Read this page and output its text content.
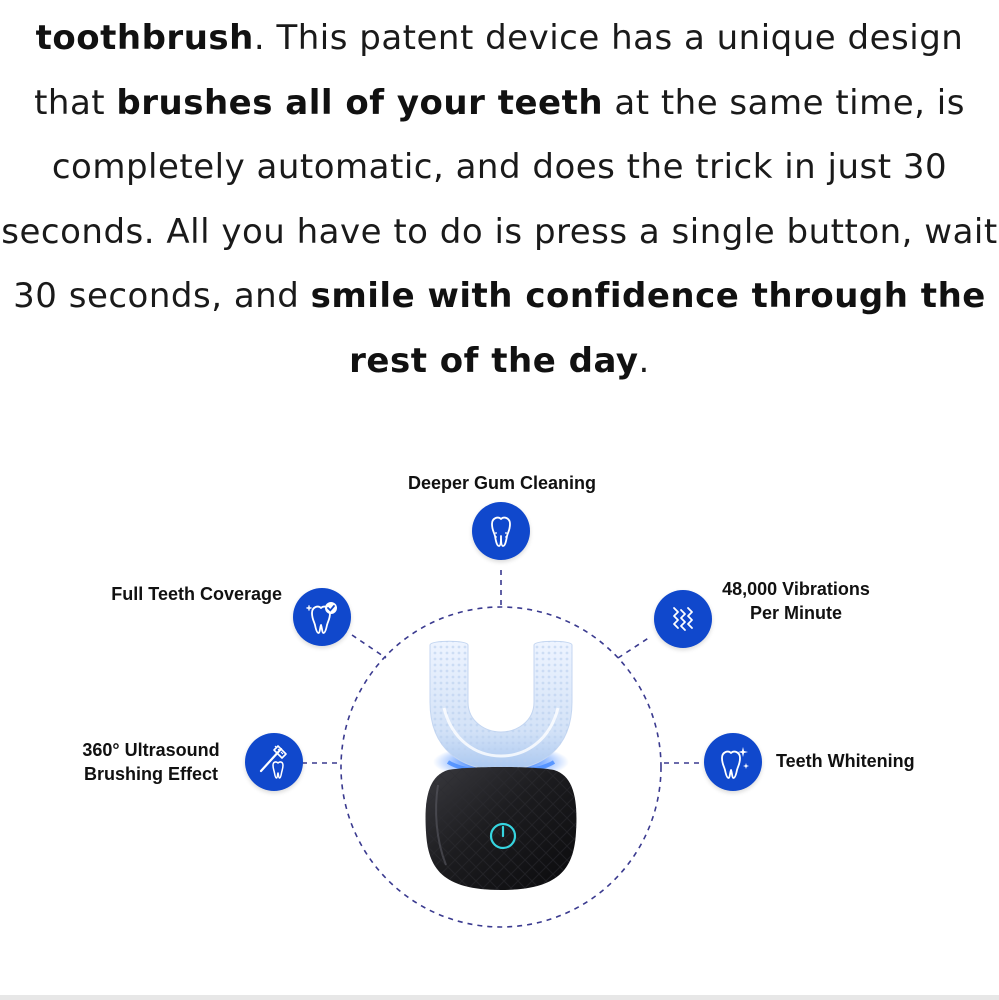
toothbrush. This patent device has a unique design that brushes all of your teeth at the same time, is completely automatic, and does the trick in just 30 seconds. All you have to do is press a single button, wait 30 seconds, and smile with confidence through the rest of the day.

Deeper Gum Cleaning
Full Teeth Coverage	48,000 Vibrations
Per Minute
360° Ultrasound
Brushing Effect
Teeth Whitening
